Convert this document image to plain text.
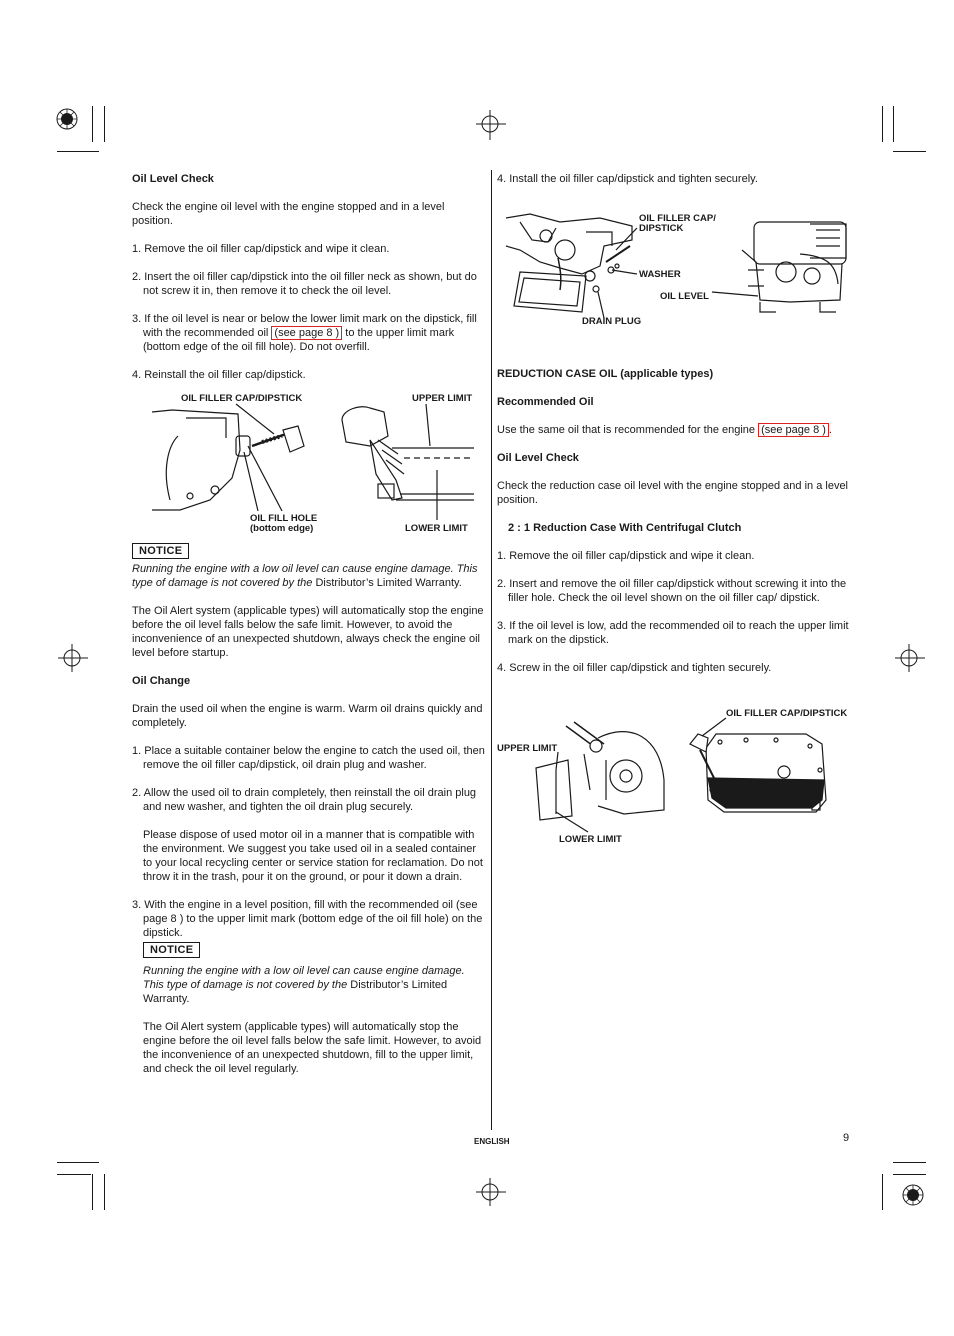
Oil Level Check
Check the engine oil level with the engine stopped and in a level position.
1. Remove the oil filler cap/dipstick and wipe it clean.
2. Insert the oil filler cap/dipstick into the oil filler neck as shown, but do not screw it in, then remove it to check the oil level.
3. If the oil level is near or below the lower limit mark on the dipstick, fill with the recommended oil (see page 8 ) to the upper limit mark (bottom edge of the oil fill hole). Do not overfill.
4. Reinstall the oil filler cap/dipstick.
OIL FILLER CAP/DIPSTICK	UPPER LIMIT
OIL FILL HOLE
(bottom edge)	LOWER LIMIT
NOTICE
Running the engine with a low oil level can cause engine damage. This type of damage is not covered by the Distributor’s Limited Warranty.
The Oil Alert system (applicable types) will automatically stop the engine before the oil level falls below the safe limit. However, to avoid the inconvenience of an unexpected shutdown, always check the engine oil level before startup.
Oil Change
Drain the used oil when the engine is warm. Warm oil drains quickly and completely.
1. Place a suitable container below the engine to catch the used oil, then remove the oil filler cap/dipstick, oil drain plug and washer.
2. Allow the used oil to drain completely, then reinstall the oil drain plug and new washer, and tighten the oil drain plug securely.
Please dispose of used motor oil in a manner that is compatible with the environment. We suggest you take used oil in a sealed container to your local recycling center or service station for reclamation. Do not throw it in the trash, pour it on the ground, or pour it down a drain.
3. With the engine in a level position, fill with the recommended oil (see page 8 ) to the upper limit mark (bottom edge of the oil fill hole) on the dipstick.
NOTICE
Running the engine with a low oil level can cause engine damage. This type of damage is not covered by the Distributor’s Limited Warranty.
The Oil Alert system (applicable types) will automatically stop the engine before the oil level falls below the safe limit. However, to avoid the inconvenience of an unexpected shutdown, fill to the upper limit, and check the oil level regularly.
4. Install the oil filler cap/dipstick and tighten securely.
OIL FILLER CAP/
DIPSTICK
WASHER
OIL LEVEL
DRAIN PLUG
REDUCTION CASE OIL (applicable types)
Recommended Oil
Use the same oil that is recommended for the engine (see page 8 ) .
Oil Level Check
Check the reduction case oil level with the engine stopped and in a level position.
2 : 1 Reduction Case With Centrifugal Clutch
1. Remove the oil filler cap/dipstick and wipe it clean.
2. Insert and remove the oil filler cap/dipstick without screwing it into the filler hole. Check the oil level shown on the oil filler cap/ dipstick.
3. If the oil level is low, add the recommended oil to reach the upper limit mark on the dipstick.
4. Screw in the oil filler cap/dipstick and tighten securely.
OIL FILLER CAP/DIPSTICK
UPPER LIMIT
LOWER LIMIT
ENGLISH	9
